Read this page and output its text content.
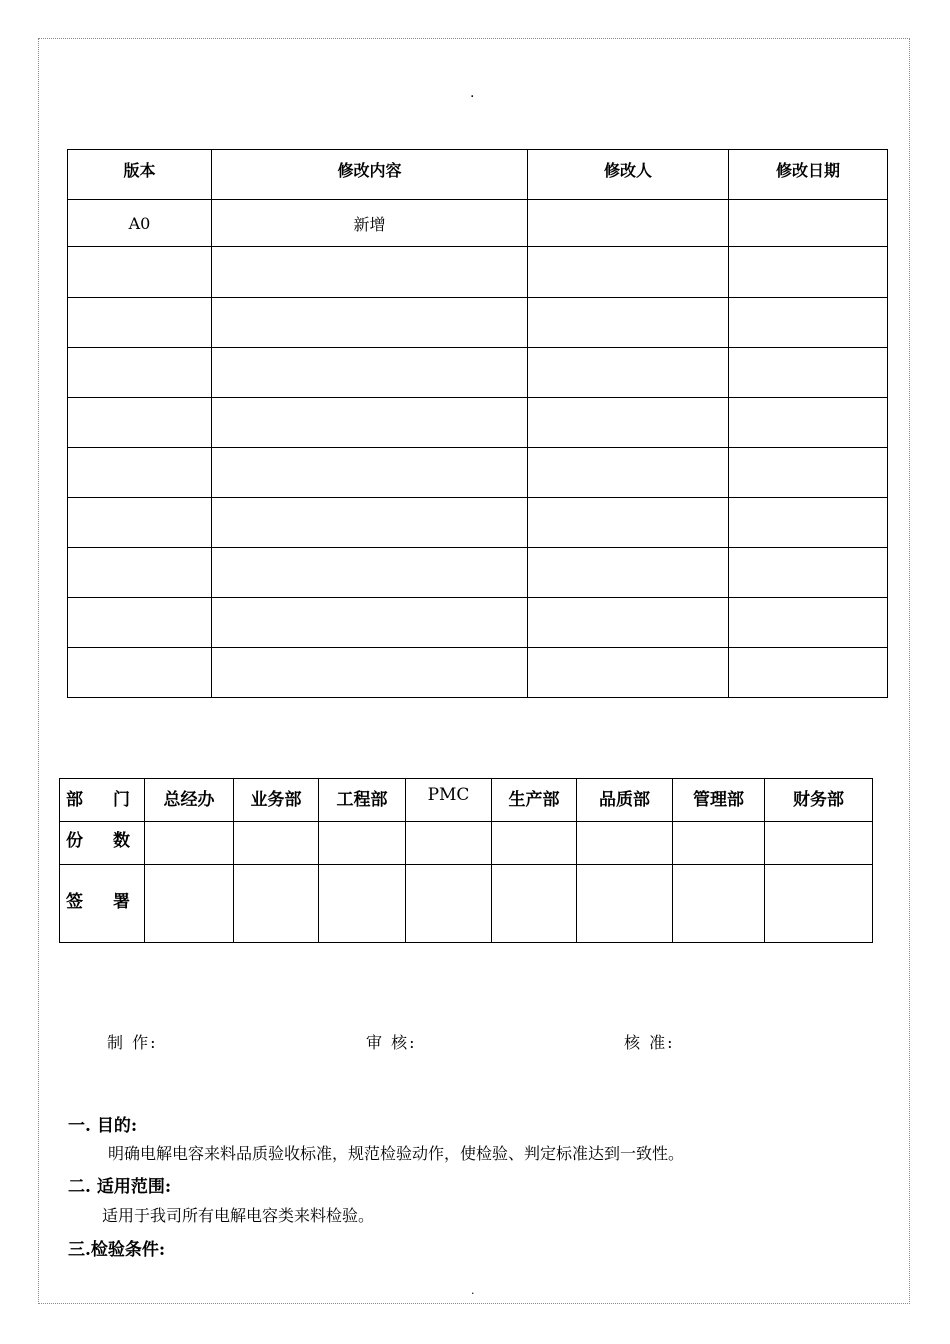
.
版本	修改内容	修改人	修改日期
A0	新增		

部 门	总经办	业务部	工程部	PMC	生产部	品质部	管理部	财务部
份 数								
签 署								
制 作:	审 核:	核 准:
一. 目的:
明确电解电容来料品质验收标准，规范检验动作，使检验、判定标准达到一致性。
二. 适用范围:
适用于我司所有电解电容类来料检验。
三.检验条件:
.
